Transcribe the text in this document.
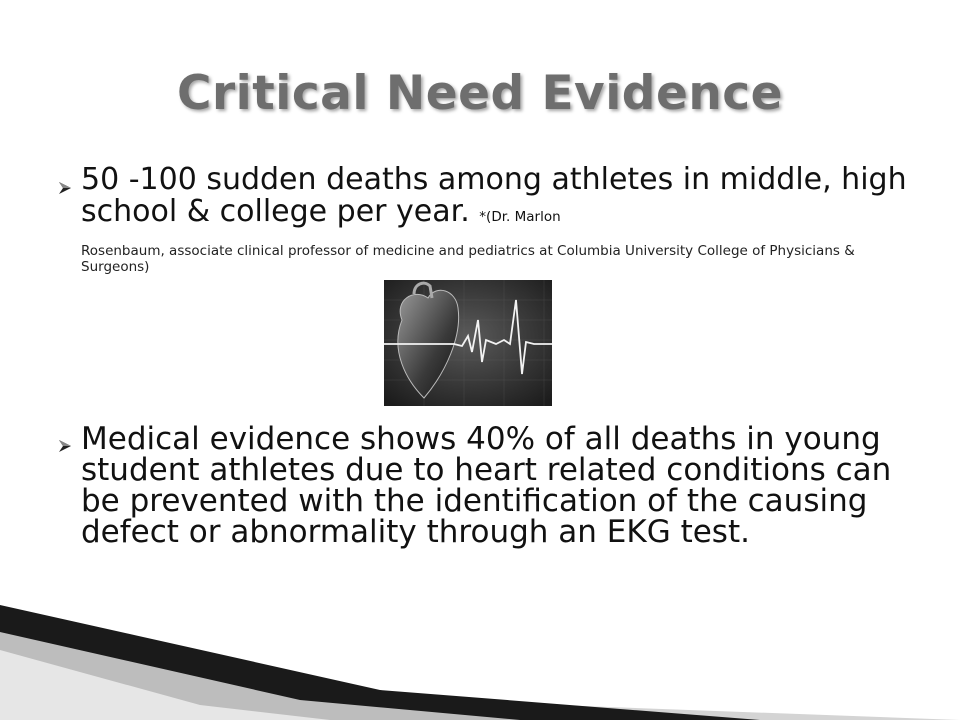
Critical Need Evidence
50 -100 sudden deaths among athletes in middle, high school & college per year. *(Dr. Marlon
Rosenbaum, associate clinical professor of medicine and pediatrics at Columbia University College of Physicians & Surgeons)
Medical evidence shows 40% of all deaths in young student athletes due to heart related conditions can be prevented with the identification of the causing defect or abnormality through an EKG test.
